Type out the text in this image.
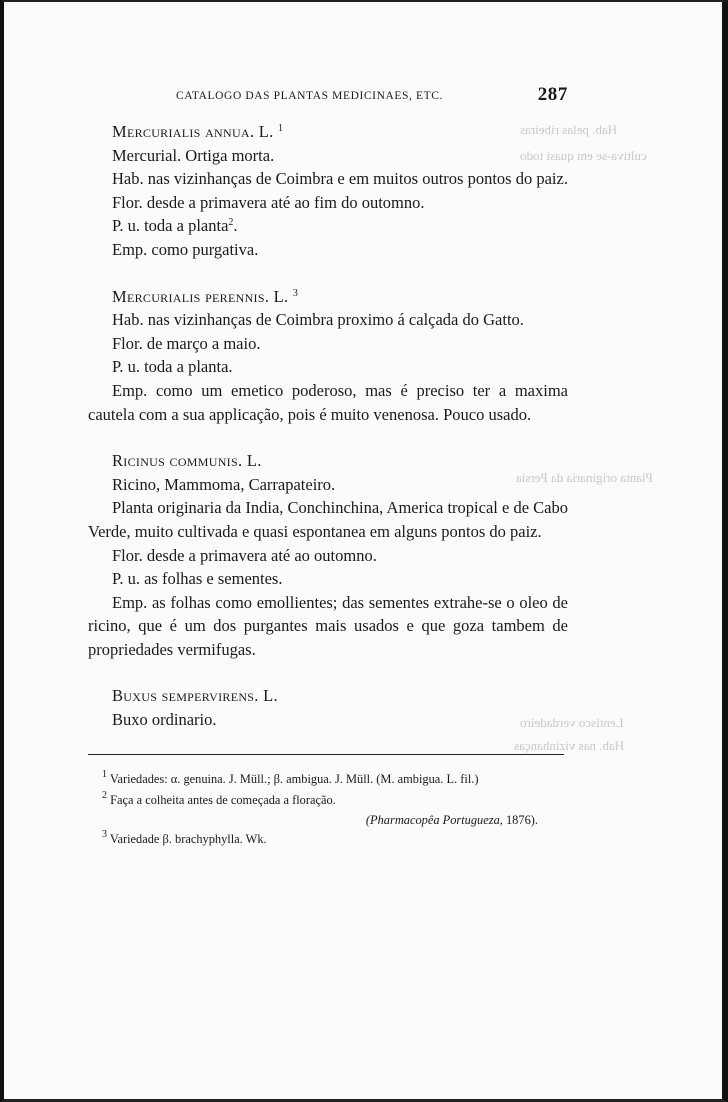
Hab. pelas ribeiras
cultiva-se em quasi todo
Planta originaria da Persia
Lentisco verdadeiro
Hab. nas vizinhanças
CATALOGO DAS PLANTAS MEDICINAES, ETC.	287
Mercurialis annua. L. $^1$
Mercurial. Ortiga morta.
Hab. nas vizinhanças de Coimbra e em muitos outros pontos do paiz.
Flor. desde a primavera até ao fim do outomno.
P. u. toda a planta$^2$.
Emp. como purgativa.
Mercurialis perennis. L. $^3$
Hab. nas vizinhanças de Coimbra proximo á calçada do Gatto.
Flor. de março a maio.
P. u. toda a planta.
Emp. como um emetico poderoso, mas é preciso ter a maxima cautela com a sua applicação, pois é muito venenosa. Pouco usado.
Ricinus communis. L.
Ricino, Mammoma, Carrapateiro.
Planta originaria da India, Conchinchina, America tropical e de Cabo Verde, muito cultivada e quasi espontanea em alguns pontos do paiz.
Flor. desde a primavera até ao outomno.
P. u. as folhas e sementes.
Emp. as folhas como emollientes; das sementes extrahe-se o oleo de ricino, que é um dos purgantes mais usados e que goza tambem de propriedades vermifugas.
Buxus sempervirens. L.
Buxo ordinario.
$^1$ Variedades: α. genuina. J. Müll.; β. ambigua. J. Müll. (M. ambigua. L. fil.)
$^2$ Faça a colheita antes de começada a floração.
(Pharmacopêa Portugueza, 1876).
$^3$ Variedade β. brachyphylla. Wk.
